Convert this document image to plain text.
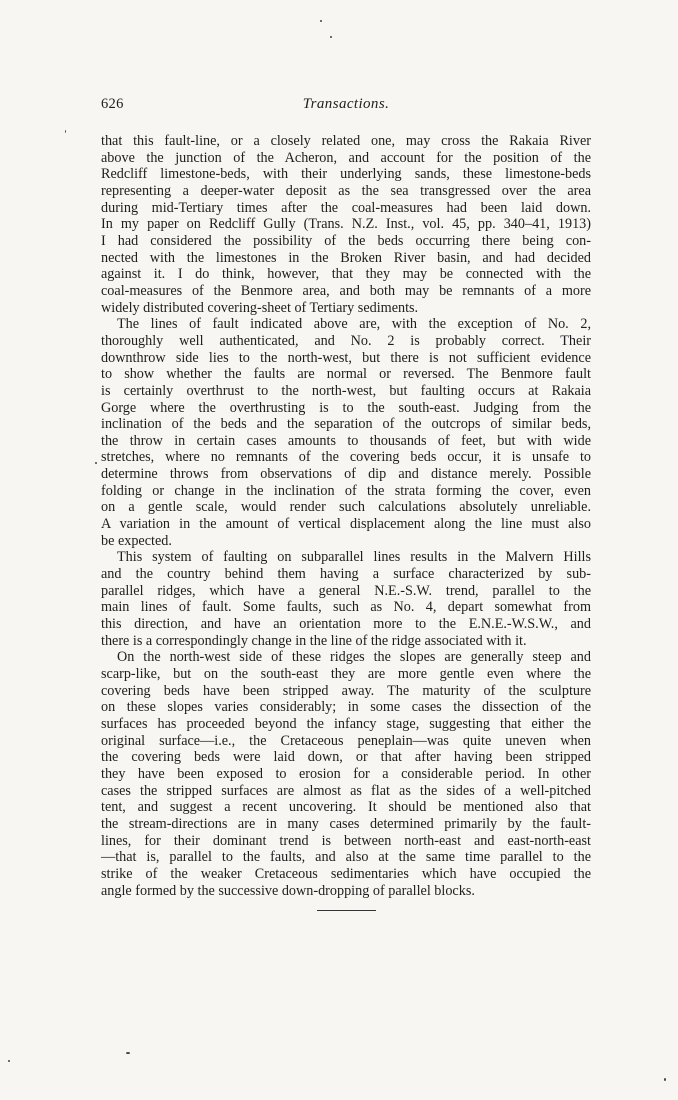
626	Transactions.
that this fault-line, or a closely related one, may cross the Rakaia River
above the junction of the Acheron, and account for the position of the
Redcliff limestone-beds, with their underlying sands, these limestone-beds
representing a deeper-water deposit as the sea transgressed over the area
during mid-Tertiary times after the coal-measures had been laid down.
In my paper on Redcliff Gully (Trans. N.Z. Inst., vol. 45, pp. 340–41, 1913)
I had considered the possibility of the beds occurring there being con-
nected with the limestones in the Broken River basin, and had decided
against it. I do think, however, that they may be connected with the
coal-measures of the Benmore area, and both may be remnants of a more
widely distributed covering-sheet of Tertiary sediments.
The lines of fault indicated above are, with the exception of No. 2,
thoroughly well authenticated, and No. 2 is probably correct. Their
downthrow side lies to the north-west, but there is not sufficient evidence
to show whether the faults are normal or reversed. The Benmore fault
is certainly overthrust to the north-west, but faulting occurs at Rakaia
Gorge where the overthrusting is to the south-east. Judging from the
inclination of the beds and the separation of the outcrops of similar beds,
the throw in certain cases amounts to thousands of feet, but with wide
stretches, where no remnants of the covering beds occur, it is unsafe to
determine throws from observations of dip and distance merely. Possible
folding or change in the inclination of the strata forming the cover, even
on a gentle scale, would render such calculations absolutely unreliable.
A variation in the amount of vertical displacement along the line must also
be expected.
This system of faulting on subparallel lines results in the Malvern Hills
and the country behind them having a surface characterized by sub-
parallel ridges, which have a general N.E.-S.W. trend, parallel to the
main lines of fault. Some faults, such as No. 4, depart somewhat from
this direction, and have an orientation more to the E.N.E.-W.S.W., and
there is a correspondingly change in the line of the ridge associated with it.
On the north-west side of these ridges the slopes are generally steep and
scarp-like, but on the south-east they are more gentle even where the
covering beds have been stripped away. The maturity of the sculpture
on these slopes varies considerably; in some cases the dissection of the
surfaces has proceeded beyond the infancy stage, suggesting that either the
original surface—i.e., the Cretaceous peneplain—was quite uneven when
the covering beds were laid down, or that after having been stripped
they have been exposed to erosion for a considerable period. In other
cases the stripped surfaces are almost as flat as the sides of a well-pitched
tent, and suggest a recent uncovering. It should be mentioned also that
the stream-directions are in many cases determined primarily by the fault-
lines, for their dominant trend is between north-east and east-north-east
—that is, parallel to the faults, and also at the same time parallel to the
strike of the weaker Cretaceous sedimentaries which have occupied the
angle formed by the successive down-dropping of parallel blocks.
